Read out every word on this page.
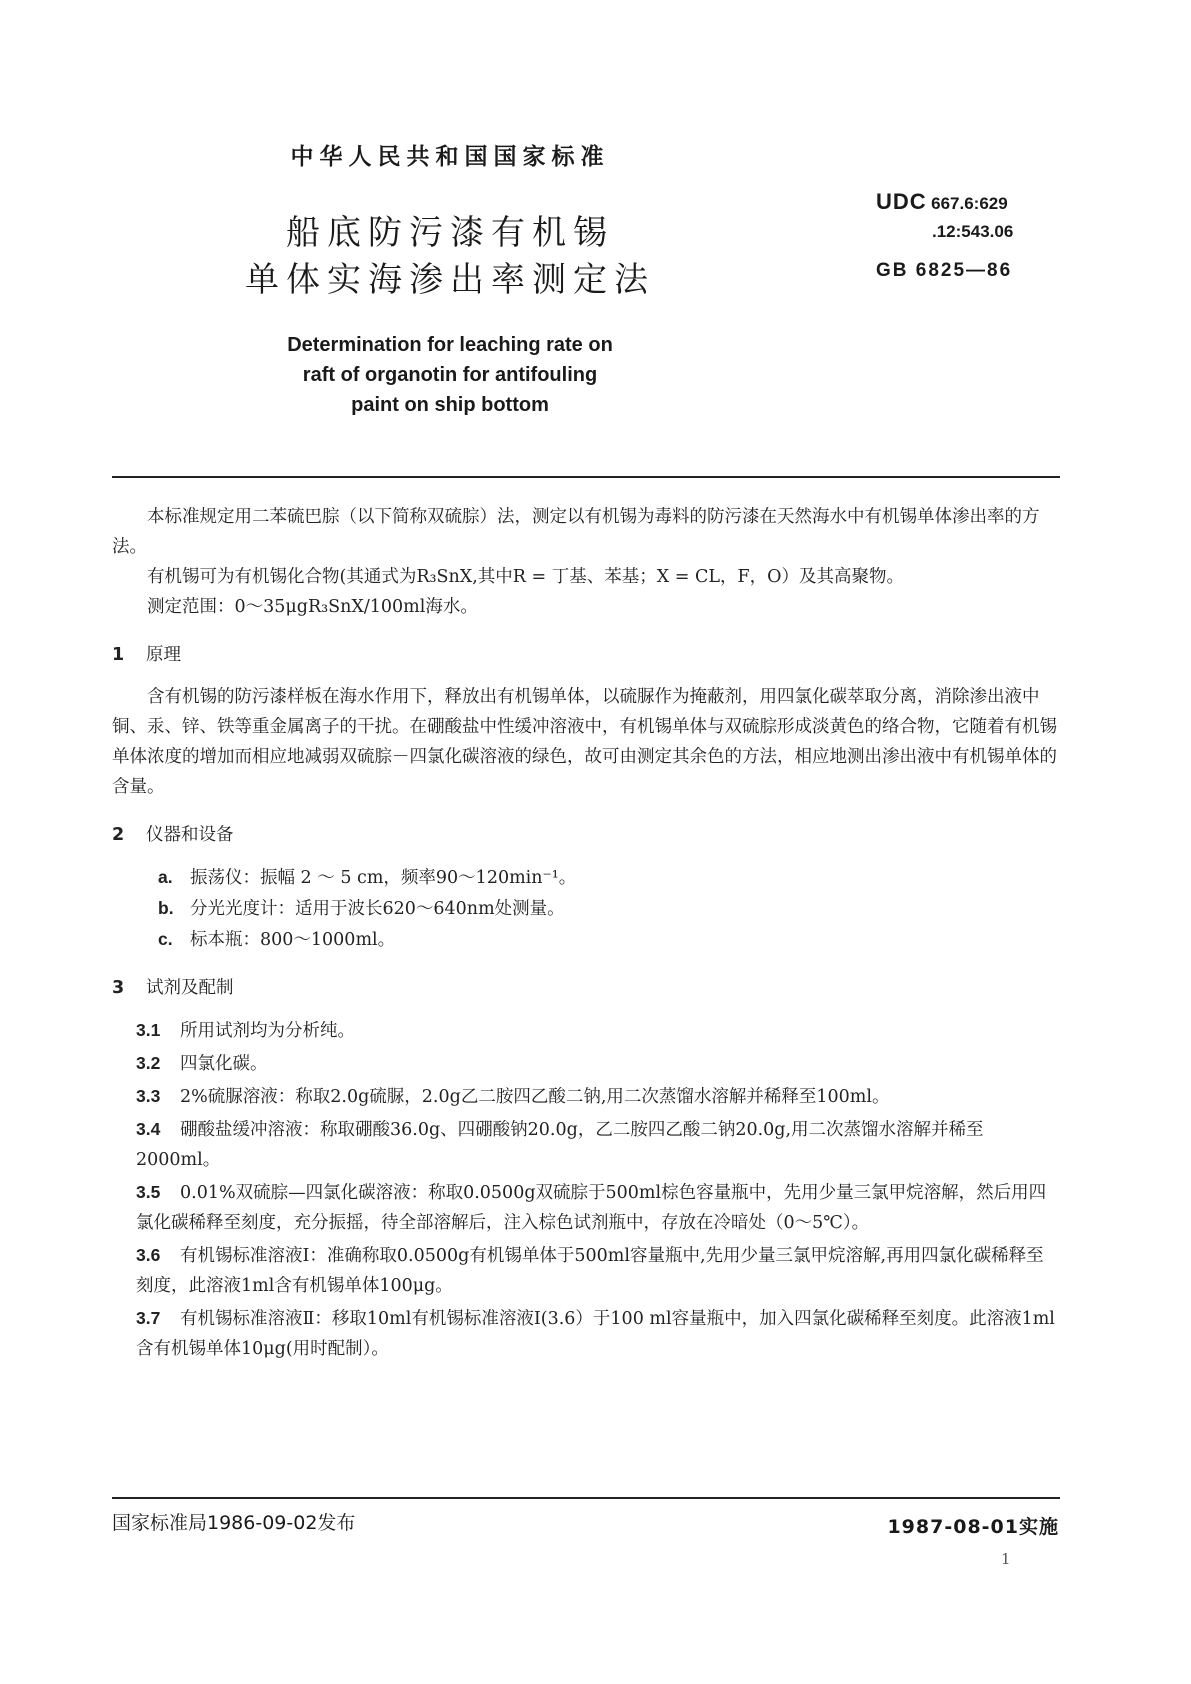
中华人民共和国国家标准
UDC 667.6:629
.12:543.06
GB 6825—86
船底防污漆有机锡
单体实海渗出率测定法
Determination for leaching rate on
raft of organotin for antifouling
paint on ship bottom

本标准规定用二苯硫巴腙（以下简称双硫腙）法，测定以有机锡为毒料的防污漆在天然海水中有机锡单体渗出率的方法。

有机锡可为有机锡化合物(其通式为R₃SnX,其中R = 丁基、苯基；X = CL，F，O）及其高聚物。

测定范围：0～35μgR₃SnX/100ml海水。

1 原理

含有机锡的防污漆样板在海水作用下，释放出有机锡单体，以硫脲作为掩蔽剂，用四氯化碳萃取分离，消除渗出液中铜、汞、锌、铁等重金属离子的干扰。在硼酸盐中性缓冲溶液中，有机锡单体与双硫腙形成淡黄色的络合物，它随着有机锡单体浓度的增加而相应地减弱双硫腙－四氯化碳溶液的绿色，故可由测定其余色的方法，相应地测出渗出液中有机锡单体的含量。

2 仪器和设备
a. 振荡仪：振幅 2 ～ 5 cm，频率90～120min⁻¹。
b. 分光光度计：适用于波长620～640nm处测量。
c. 标本瓶：800～1000ml。
3 试剂及配制
3.1 所用试剂均为分析纯。
3.2 四氯化碳。
3.3 2%硫脲溶液：称取2.0g硫脲，2.0g乙二胺四乙酸二钠,用二次蒸馏水溶解并稀释至100ml。
3.4 硼酸盐缓冲溶液：称取硼酸36.0g、四硼酸钠20.0g，乙二胺四乙酸二钠20.0g,用二次蒸馏水溶解并稀至2000ml。
3.5 0.01%双硫腙—四氯化碳溶液：称取0.0500g双硫腙于500ml棕色容量瓶中，先用少量三氯甲烷溶解，然后用四氯化碳稀释至刻度，充分振摇，待全部溶解后，注入棕色试剂瓶中，存放在冷暗处（0～5℃）。
3.6 有机锡标准溶液Ⅰ：准确称取0.0500g有机锡单体于500ml容量瓶中,先用少量三氯甲烷溶解,再用四氯化碳稀释至刻度，此溶液1ml含有机锡单体100μg。
3.7 有机锡标准溶液Ⅱ：移取10ml有机锡标准溶液Ⅰ(3.6）于100 ml容量瓶中，加入四氯化碳稀释至刻度。此溶液1ml含有机锡单体10μg(用时配制）。
国家标准局1986-09-02发布	1987-08-01实施
1
